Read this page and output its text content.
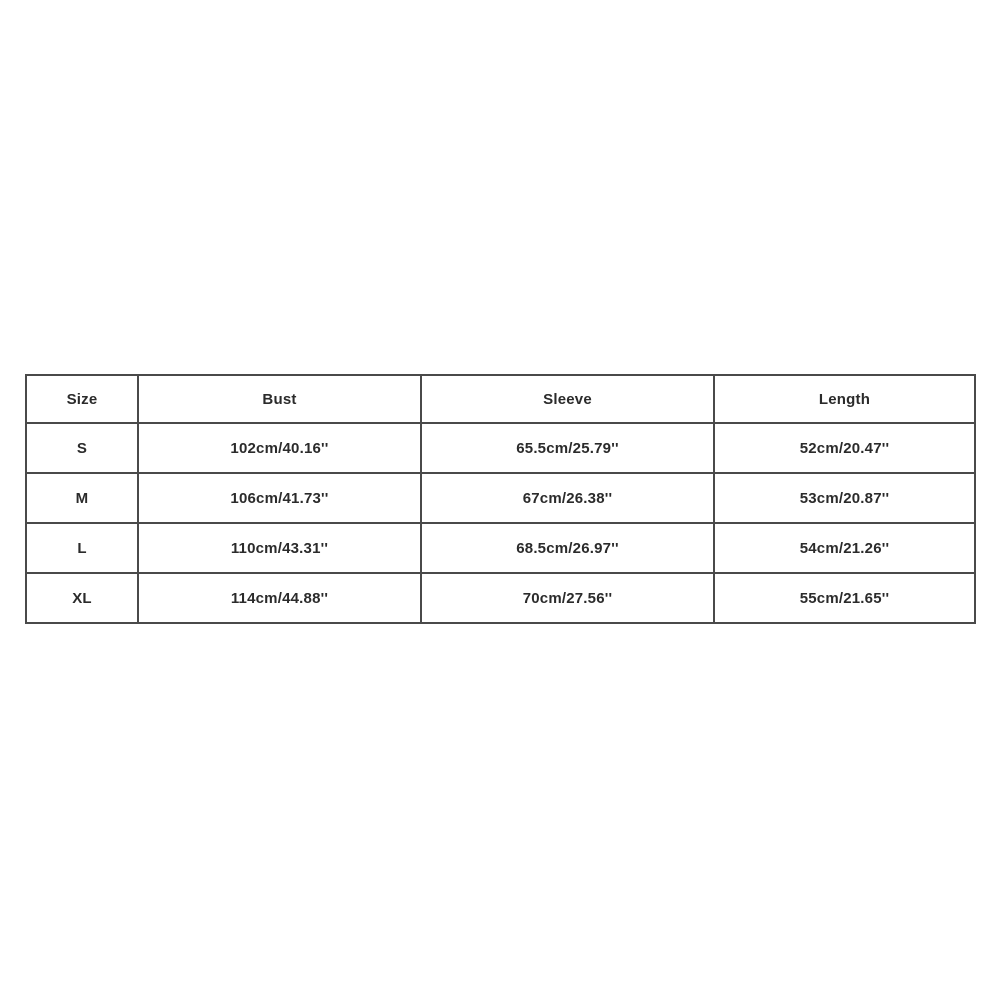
Size	Bust	Sleeve	Length
S	102cm/40.16''	65.5cm/25.79''	52cm/20.47''
M	106cm/41.73''	67cm/26.38''	53cm/20.87''
L	110cm/43.31''	68.5cm/26.97''	54cm/21.26''
XL	114cm/44.88''	70cm/27.56''	55cm/21.65''
